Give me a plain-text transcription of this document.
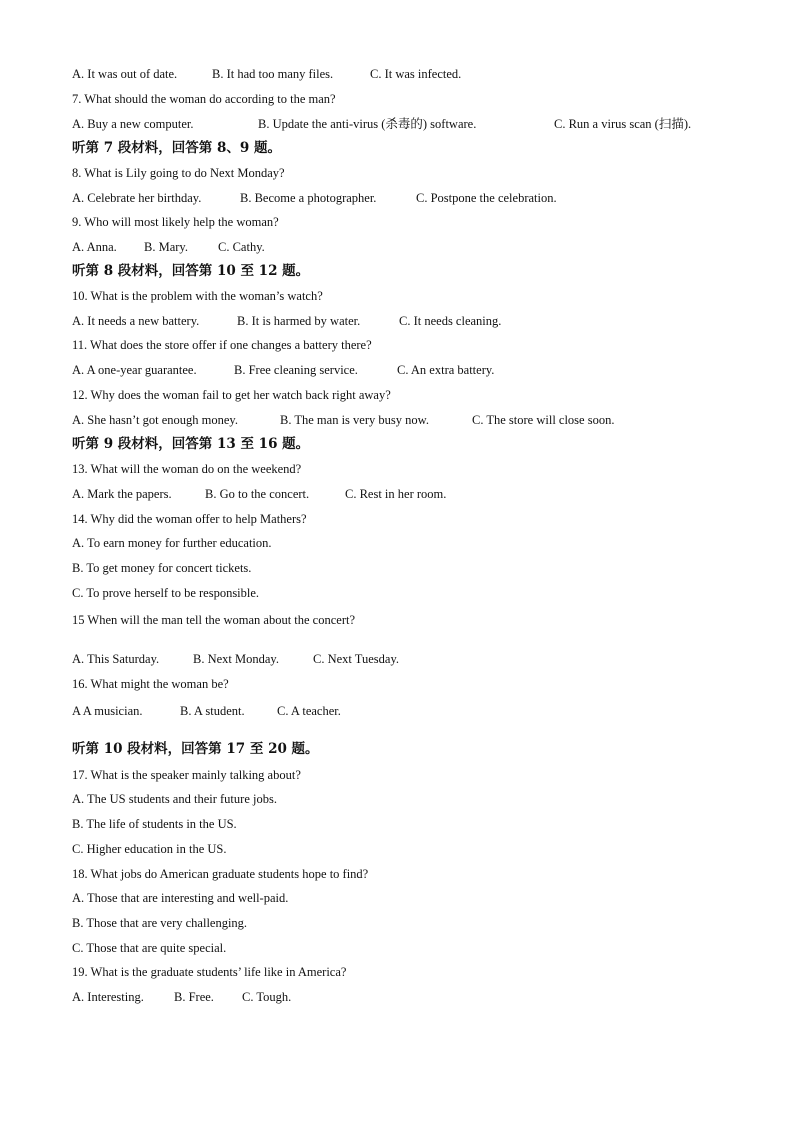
A. It was out of date.	B. It had too many files.	C. It was infected.
7. What should the woman do according to the man?
A. Buy a new computer.	B. Update the anti-virus (杀毒的) software.	C. Run a virus scan (扫描).
听第 7 段材料，回答第 8、9 题。
8. What is Lily going to do Next Monday?
A. Celebrate her birthday.	B. Become a photographer.	C. Postpone the celebration.
9. Who will most likely help the woman?
A. Anna. B. Mary. C. Cathy.
听第 8 段材料，回答第 10 至 12 题。
10. What is the problem with the woman’s watch?
A. It needs a new battery.	B. It is harmed by water.	C. It needs cleaning.
11. What does the store offer if one changes a battery there?
A. A one-year guarantee.	B. Free cleaning service.	C. An extra battery.
12. Why does the woman fail to get her watch back right away?
A. She hasn’t got enough money.	B. The man is very busy now.	C. The store will close soon.
听第 9 段材料，回答第 13 至 16 题。
13. What will the woman do on the weekend?
A. Mark the papers.	B. Go to the concert.	C. Rest in her room.
14. Why did the woman offer to help Mathers?
A. To earn money for further education.
B. To get money for concert tickets.
C. To prove herself to be responsible.
15 When will the man tell the woman about the concert?
A. This Saturday.	B. Next Monday.	C. Next Tuesday.
16. What might the woman be?
A A musician.	B. A student.	C. A teacher.
听第 10 段材料，回答第 17 至 20 题。
17. What is the speaker mainly talking about?
A. The US students and their future jobs.
B. The life of students in the US.
C. Higher education in the US.
18. What jobs do American graduate students hope to find?
A. Those that are interesting and well-paid.
B. Those that are very challenging.
C. Those that are quite special.
19. What is the graduate students’ life like in America?
A. Interesting. B. Free. C. Tough.
